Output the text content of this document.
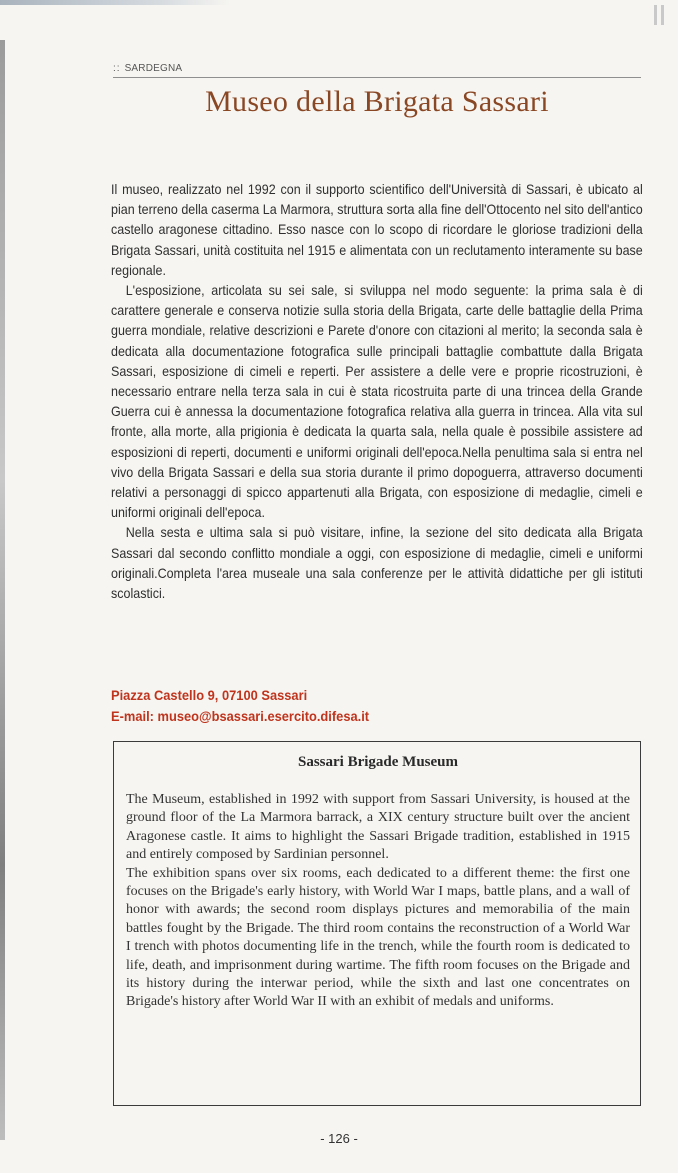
:: SARDEGNA
Museo della Brigata Sassari

Il museo, realizzato nel 1992 con il supporto scientifico dell'Università di Sassari, è ubicato al pian terreno della caserma La Marmora, struttura sorta alla fine dell'Ottocento nel sito dell'antico castello aragonese cittadino. Esso nasce con lo scopo di ricordare le gloriose tradizioni della Brigata Sassari, unità costituita nel 1915 e alimentata con un reclutamento interamente su base regionale.

L'esposizione, articolata su sei sale, si sviluppa nel modo seguente: la prima sala è di carattere generale e conserva notizie sulla storia della Brigata, carte delle battaglie della Prima guerra mondiale, relative descrizioni e Parete d'onore con citazioni al merito; la seconda sala è dedicata alla documentazione fotografica sulle principali battaglie combattute dalla Brigata Sassari, esposizione di cimeli e reperti. Per assistere a delle vere e proprie ricostruzioni, è necessario entrare nella terza sala in cui è stata ricostruita parte di una trincea della Grande Guerra cui è annessa la documentazione fotografica relativa alla guerra in trincea. Alla vita sul fronte, alla morte, alla prigionia è dedicata la quarta sala, nella quale è possibile assistere ad esposizioni di reperti, documenti e uniformi originali dell'epoca.Nella penultima sala si entra nel vivo della Brigata Sassari e della sua storia durante il primo dopoguerra, attraverso documenti relativi a personaggi di spicco appartenuti alla Brigata, con esposizione di medaglie, cimeli e uniformi originali dell'epoca.

Nella sesta e ultima sala si può visitare, infine, la sezione del sito dedicata alla Brigata Sassari dal secondo conflitto mondiale a oggi, con esposizione di medaglie, cimeli e uniformi originali.Completa l'area museale una sala conferenze per le attività didattiche per gli istituti scolastici.

Piazza Castello 9, 07100 Sassari
E-mail: museo@bsassari.esercito.difesa.it
Sassari Brigade Museum

The Museum, established in 1992 with support from Sassari University, is housed at the ground floor of the La Marmora barrack, a XIX century structure built over the ancient Aragonese castle. It aims to highlight the Sassari Brigade tradition, established in 1915 and entirely composed by Sardinian personnel.

The exhibition spans over six rooms, each dedicated to a different theme: the first one focuses on the Brigade's early history, with World War I maps, battle plans, and a wall of honor with awards; the second room displays pictures and memorabilia of the main battles fought by the Brigade. The third room contains the reconstruction of a World War I trench with photos documenting life in the trench, while the fourth room is dedicated to life, death, and imprisonment during wartime. The fifth room focuses on the Brigade and its history during the interwar period, while the sixth and last one concentrates on Brigade's history after World War II with an exhibit of medals and uniforms.

- 126 -
